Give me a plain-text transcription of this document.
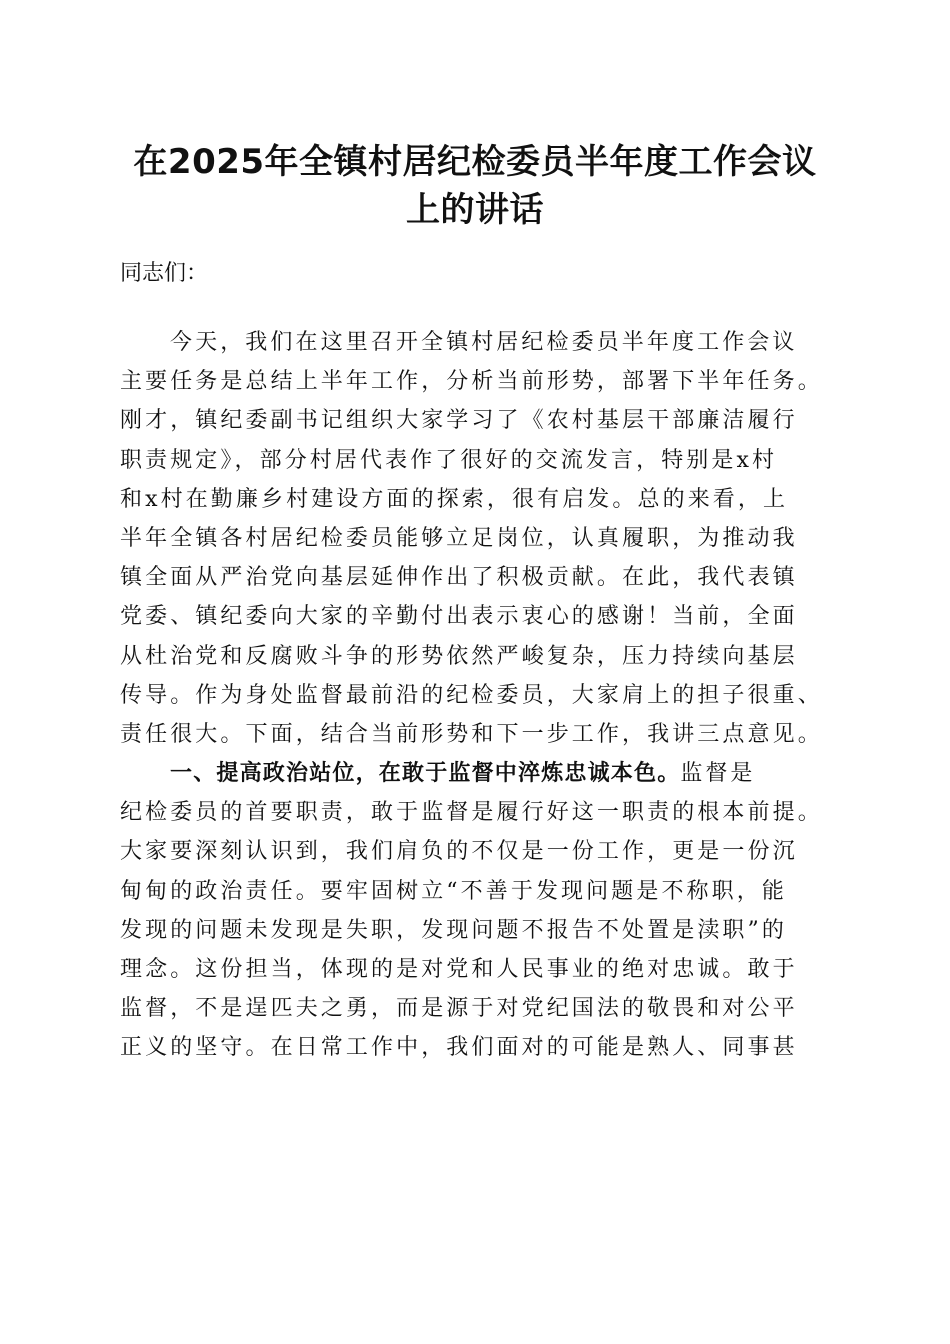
在2025年全镇村居纪检委员半年度工作会议
上的讲话
同志们：
今天，我们在这里召开全镇村居纪检委员半年度工作会议
主要任务是总结上半年工作，分析当前形势，部署下半年任务。
刚才，镇纪委副书记组织大家学习了《农村基层干部廉洁履行
职责规定》，部分村居代表作了很好的交流发言，特别是x村
和x村在勤廉乡村建设方面的探索，很有启发。总的来看，上
半年全镇各村居纪检委员能够立足岗位，认真履职，为推动我
镇全面从严治党向基层延伸作出了积极贡献。在此，我代表镇
党委、镇纪委向大家的辛勤付出表示衷心的感谢！当前，全面
从杜治党和反腐败斗争的形势依然严峻复杂，压力持续向基层
传导。作为身处监督最前沿的纪检委员，大家肩上的担子很重、
责任很大。下面，结合当前形势和下一步工作，我讲三点意见。
一、提高政治站位，在敢于监督中淬炼忠诚本色。监督是
纪检委员的首要职责，敢于监督是履行好这一职责的根本前提。
大家要深刻认识到，我们肩负的不仅是一份工作，更是一份沉
甸甸的政治责任。要牢固树立“不善于发现问题是不称职，能
发现的问题未发现是失职，发现问题不报告不处置是渎职”的
理念。这份担当，体现的是对党和人民事业的绝对忠诚。敢于
监督，不是逞匹夫之勇，而是源于对党纪国法的敬畏和对公平
正义的坚守。在日常工作中，我们面对的可能是熟人、同事甚
